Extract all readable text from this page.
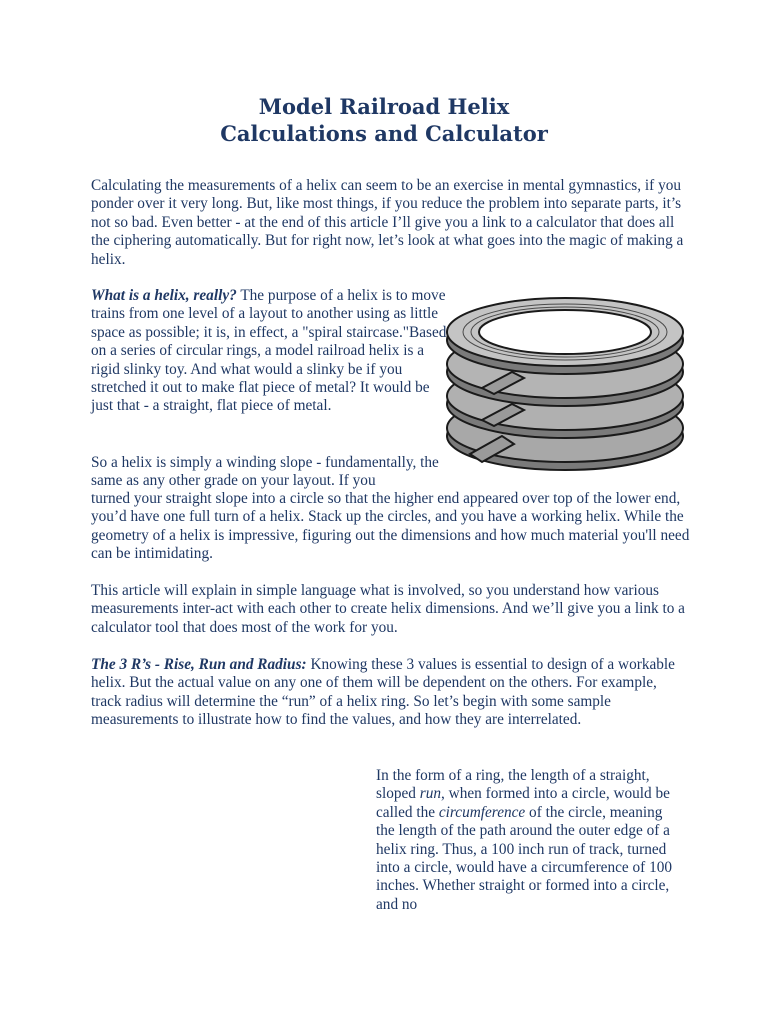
Model Railroad Helix
Calculations and Calculator
Calculating the measurements of a helix can seem to be an exercise in mental gymnastics, if you ponder over it very long. But, like most things, if you reduce the problem into separate parts, it’s not so bad. Even better - at the end of this article I’ll give you a link to a calculator that does all the ciphering automatically. But for right now, let’s look at what goes into the magic of making a helix.
What is a helix, really? The purpose of a helix is to move trains from one level of a layout to another using as little space as possible; it is, in effect, a "spiral staircase."Based on a series of circular rings, a model railroad helix is a rigid slinky toy. And what would a slinky be if you stretched it out to make flat piece of metal? It would be just that - a straight, flat piece of metal.
So a helix is simply a winding slope - fundamentally, the same as any other grade on your layout. If you
turned your straight slope into a circle so that the higher end appeared over top of the lower end, you’d have one full turn of a helix. Stack up the circles, and you have a working helix. While the geometry of a helix is impressive, figuring out the dimensions and how much material you'll need can be intimidating.
This article will explain in simple language what is involved, so you understand how various measurements inter-act with each other to create helix dimensions. And we’ll give you a link to a calculator tool that does most of the work for you.
The 3 R’s - Rise, Run and Radius: Knowing these 3 values is essential to design of a workable helix. But the actual value on any one of them will be dependent on the others. For example, track radius will determine the “run” of a helix ring. So let’s begin with some sample measurements to illustrate how to find the values, and how they are interrelated.
In the form of a ring, the length of a straight, sloped run, when formed into a circle, would be called the circumference of the circle, meaning the length of the path around the outer edge of a helix ring. Thus, a 100 inch run of track, turned into a circle, would have a circumference of 100 inches. Whether straight or formed into a circle, and no
